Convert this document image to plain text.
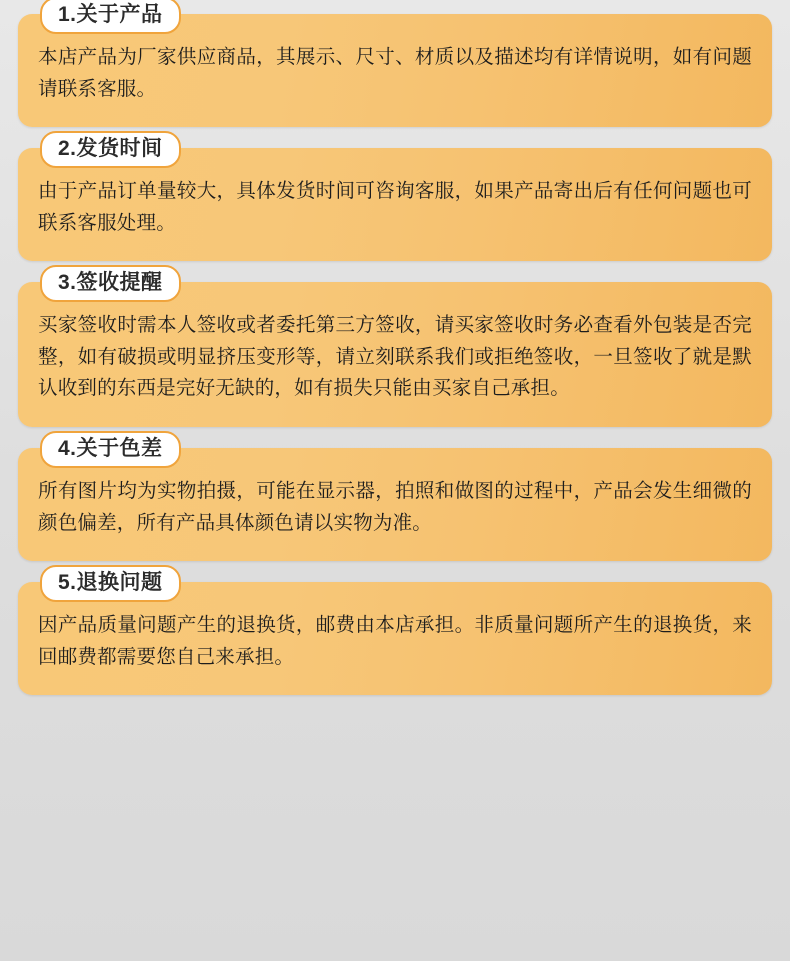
1.关于产品
本店产品为厂家供应商品，其展示、尺寸、材质以及描述均有详情说明，如有问题请联系客服。
2.发货时间
由于产品订单量较大，具体发货时间可咨询客服，如果产品寄出后有任何问题也可联系客服处理。
3.签收提醒
买家签收时需本人签收或者委托第三方签收，请买家签收时务必查看外包装是否完整，如有破损或明显挤压变形等，请立刻联系我们或拒绝签收，一旦签收了就是默认收到的东西是完好无缺的，如有损失只能由买家自己承担。
4.关于色差
所有图片均为实物拍摄，可能在显示器，拍照和做图的过程中，产品会发生细微的颜色偏差，所有产品具体颜色请以实物为准。
5.退换问题
因产品质量问题产生的退换货，邮费由本店承担。非质量问题所产生的退换货，来回邮费都需要您自己来承担。
